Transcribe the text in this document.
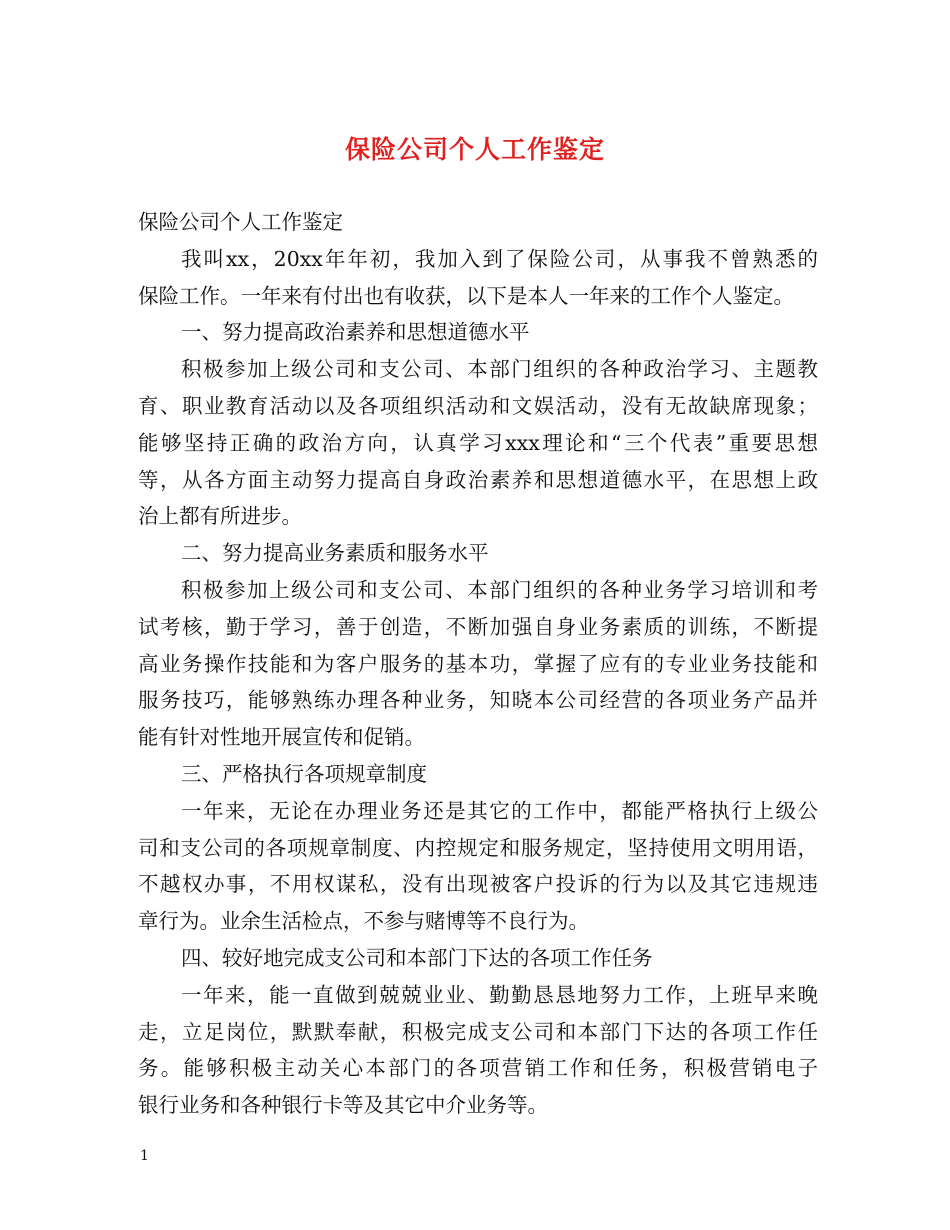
保险公司个人工作鉴定
保险公司个人工作鉴定
我叫xx，20xx年年初，我加入到了保险公司，从事我不曾熟悉的
保险工作。一年来有付出也有收获，以下是本人一年来的工作个人鉴定。
一、努力提高政治素养和思想道德水平
积极参加上级公司和支公司、本部门组织的各种政治学习、主题教
育、职业教育活动以及各项组织活动和文娱活动，没有无故缺席现象；
能够坚持正确的政治方向，认真学习xxx理论和“三个代表”重要思想
等，从各方面主动努力提高自身政治素养和思想道德水平，在思想上政
治上都有所进步。
二、努力提高业务素质和服务水平
积极参加上级公司和支公司、本部门组织的各种业务学习培训和考
试考核，勤于学习，善于创造，不断加强自身业务素质的训练，不断提
高业务操作技能和为客户服务的基本功，掌握了应有的专业业务技能和
服务技巧，能够熟练办理各种业务，知晓本公司经营的各项业务产品并
能有针对性地开展宣传和促销。
三、严格执行各项规章制度
一年来，无论在办理业务还是其它的工作中，都能严格执行上级公
司和支公司的各项规章制度、内控规定和服务规定，坚持使用文明用语，
不越权办事，不用权谋私，没有出现被客户投诉的行为以及其它违规违
章行为。业余生活检点，不参与赌博等不良行为。
四、较好地完成支公司和本部门下达的各项工作任务
一年来，能一直做到兢兢业业、勤勤恳恳地努力工作，上班早来晚
走，立足岗位，默默奉献，积极完成支公司和本部门下达的各项工作任
务。能够积极主动关心本部门的各项营销工作和任务，积极营销电子
银行业务和各种银行卡等及其它中介业务等。
1
